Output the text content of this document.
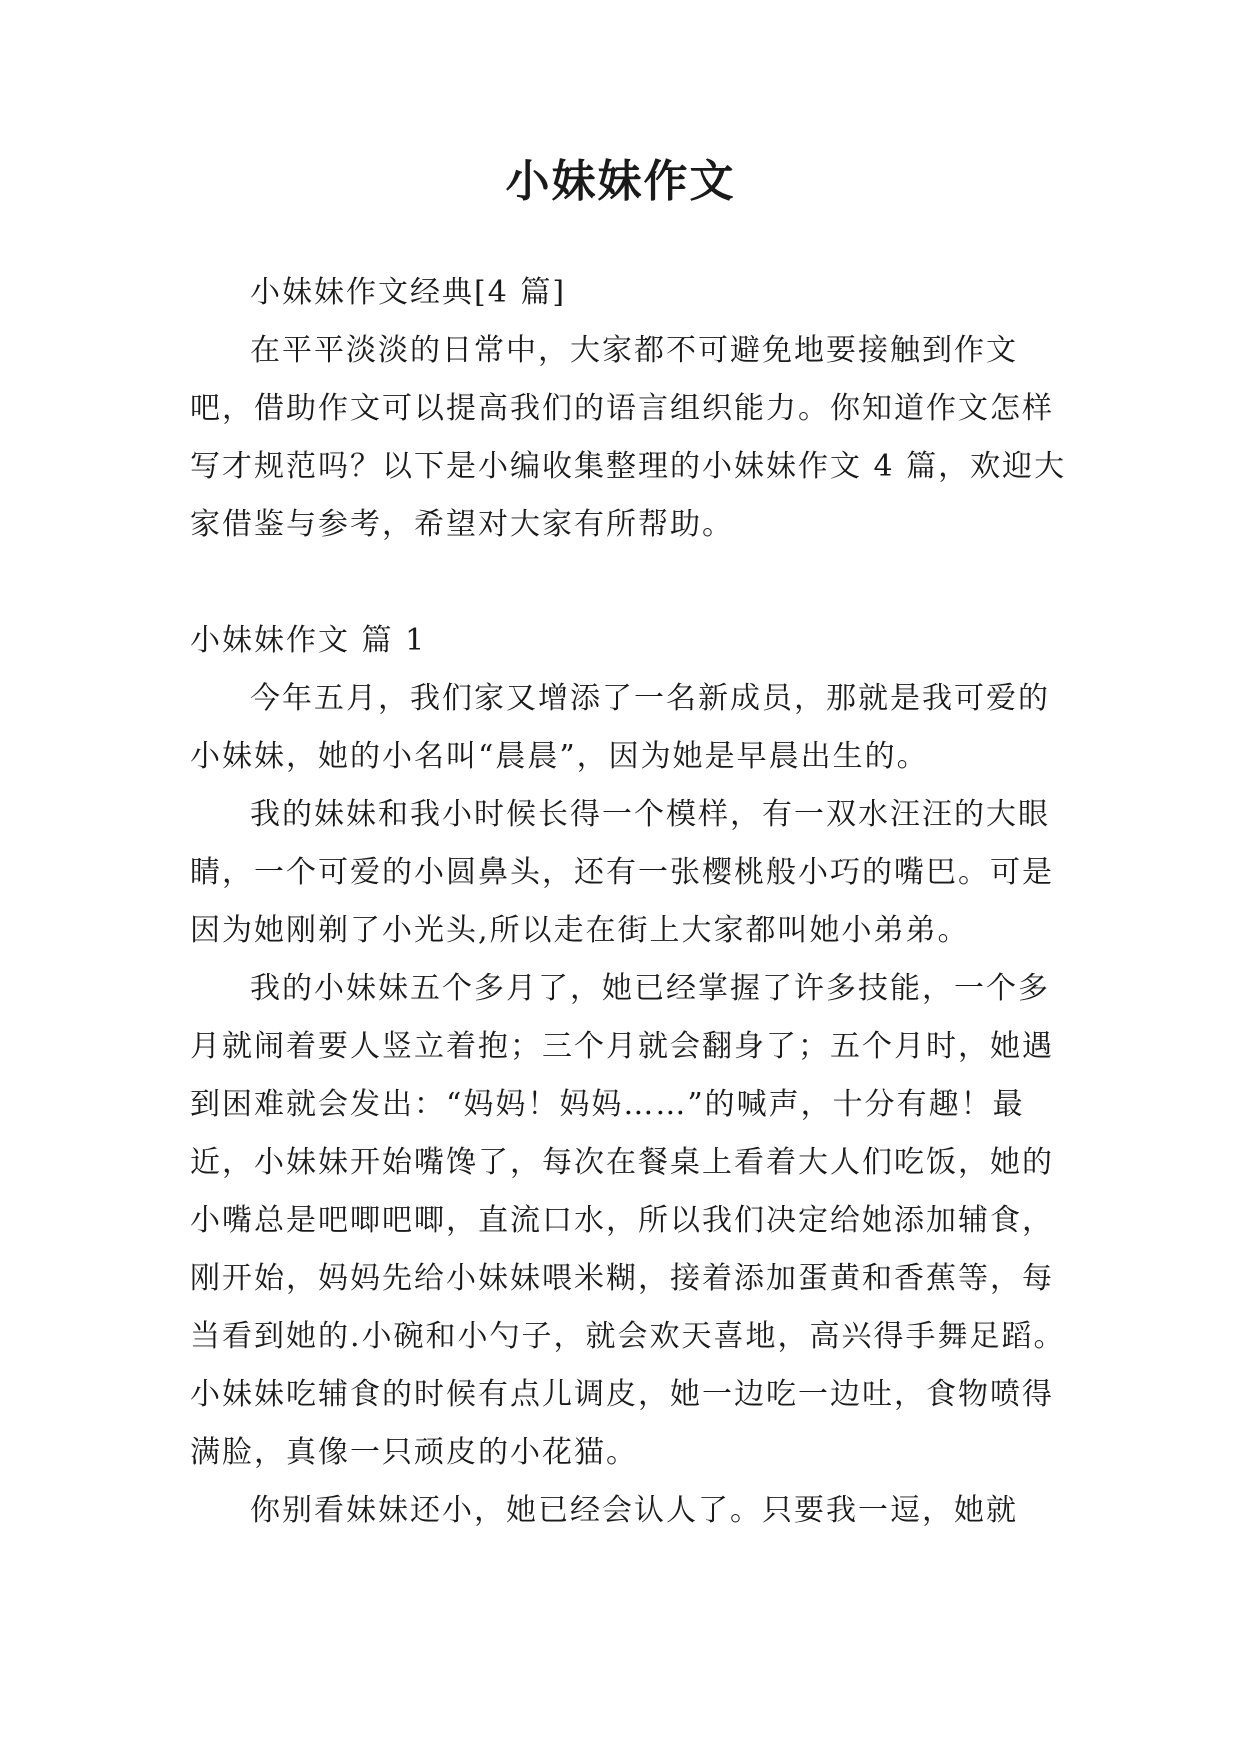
小妹妹作文

小妹妹作文经典[4 篇]

在平平淡淡的日常中，大家都不可避免地要接触到作文吧，借助作文可以提高我们的语言组织能力。你知道作文怎样写才规范吗？以下是小编收集整理的小妹妹作文 4 篇，欢迎大家借鉴与参考，希望对大家有所帮助。

小妹妹作文 篇 1

今年五月，我们家又增添了一名新成员，那就是我可爱的小妹妹，她的小名叫“晨晨”，因为她是早晨出生的。

我的妹妹和我小时候长得一个模样，有一双水汪汪的大眼睛，一个可爱的小圆鼻头，还有一张樱桃般小巧的嘴巴。可是因为她刚剃了小光头,所以走在街上大家都叫她小弟弟。

我的小妹妹五个多月了，她已经掌握了许多技能，一个多月就闹着要人竖立着抱；三个月就会翻身了；五个月时，她遇到困难就会发出：“妈妈！妈妈……”的喊声，十分有趣！最近，小妹妹开始嘴馋了，每次在餐桌上看着大人们吃饭，她的小嘴总是吧唧吧唧，直流口水，所以我们决定给她添加辅食，刚开始，妈妈先给小妹妹喂米糊，接着添加蛋黄和香蕉等，每当看到她的.小碗和小勺子，就会欢天喜地，高兴得手舞足蹈。小妹妹吃辅食的时候有点儿调皮，她一边吃一边吐，食物喷得满脸，真像一只顽皮的小花猫。

你别看妹妹还小，她已经会认人了。只要我一逗，她就
